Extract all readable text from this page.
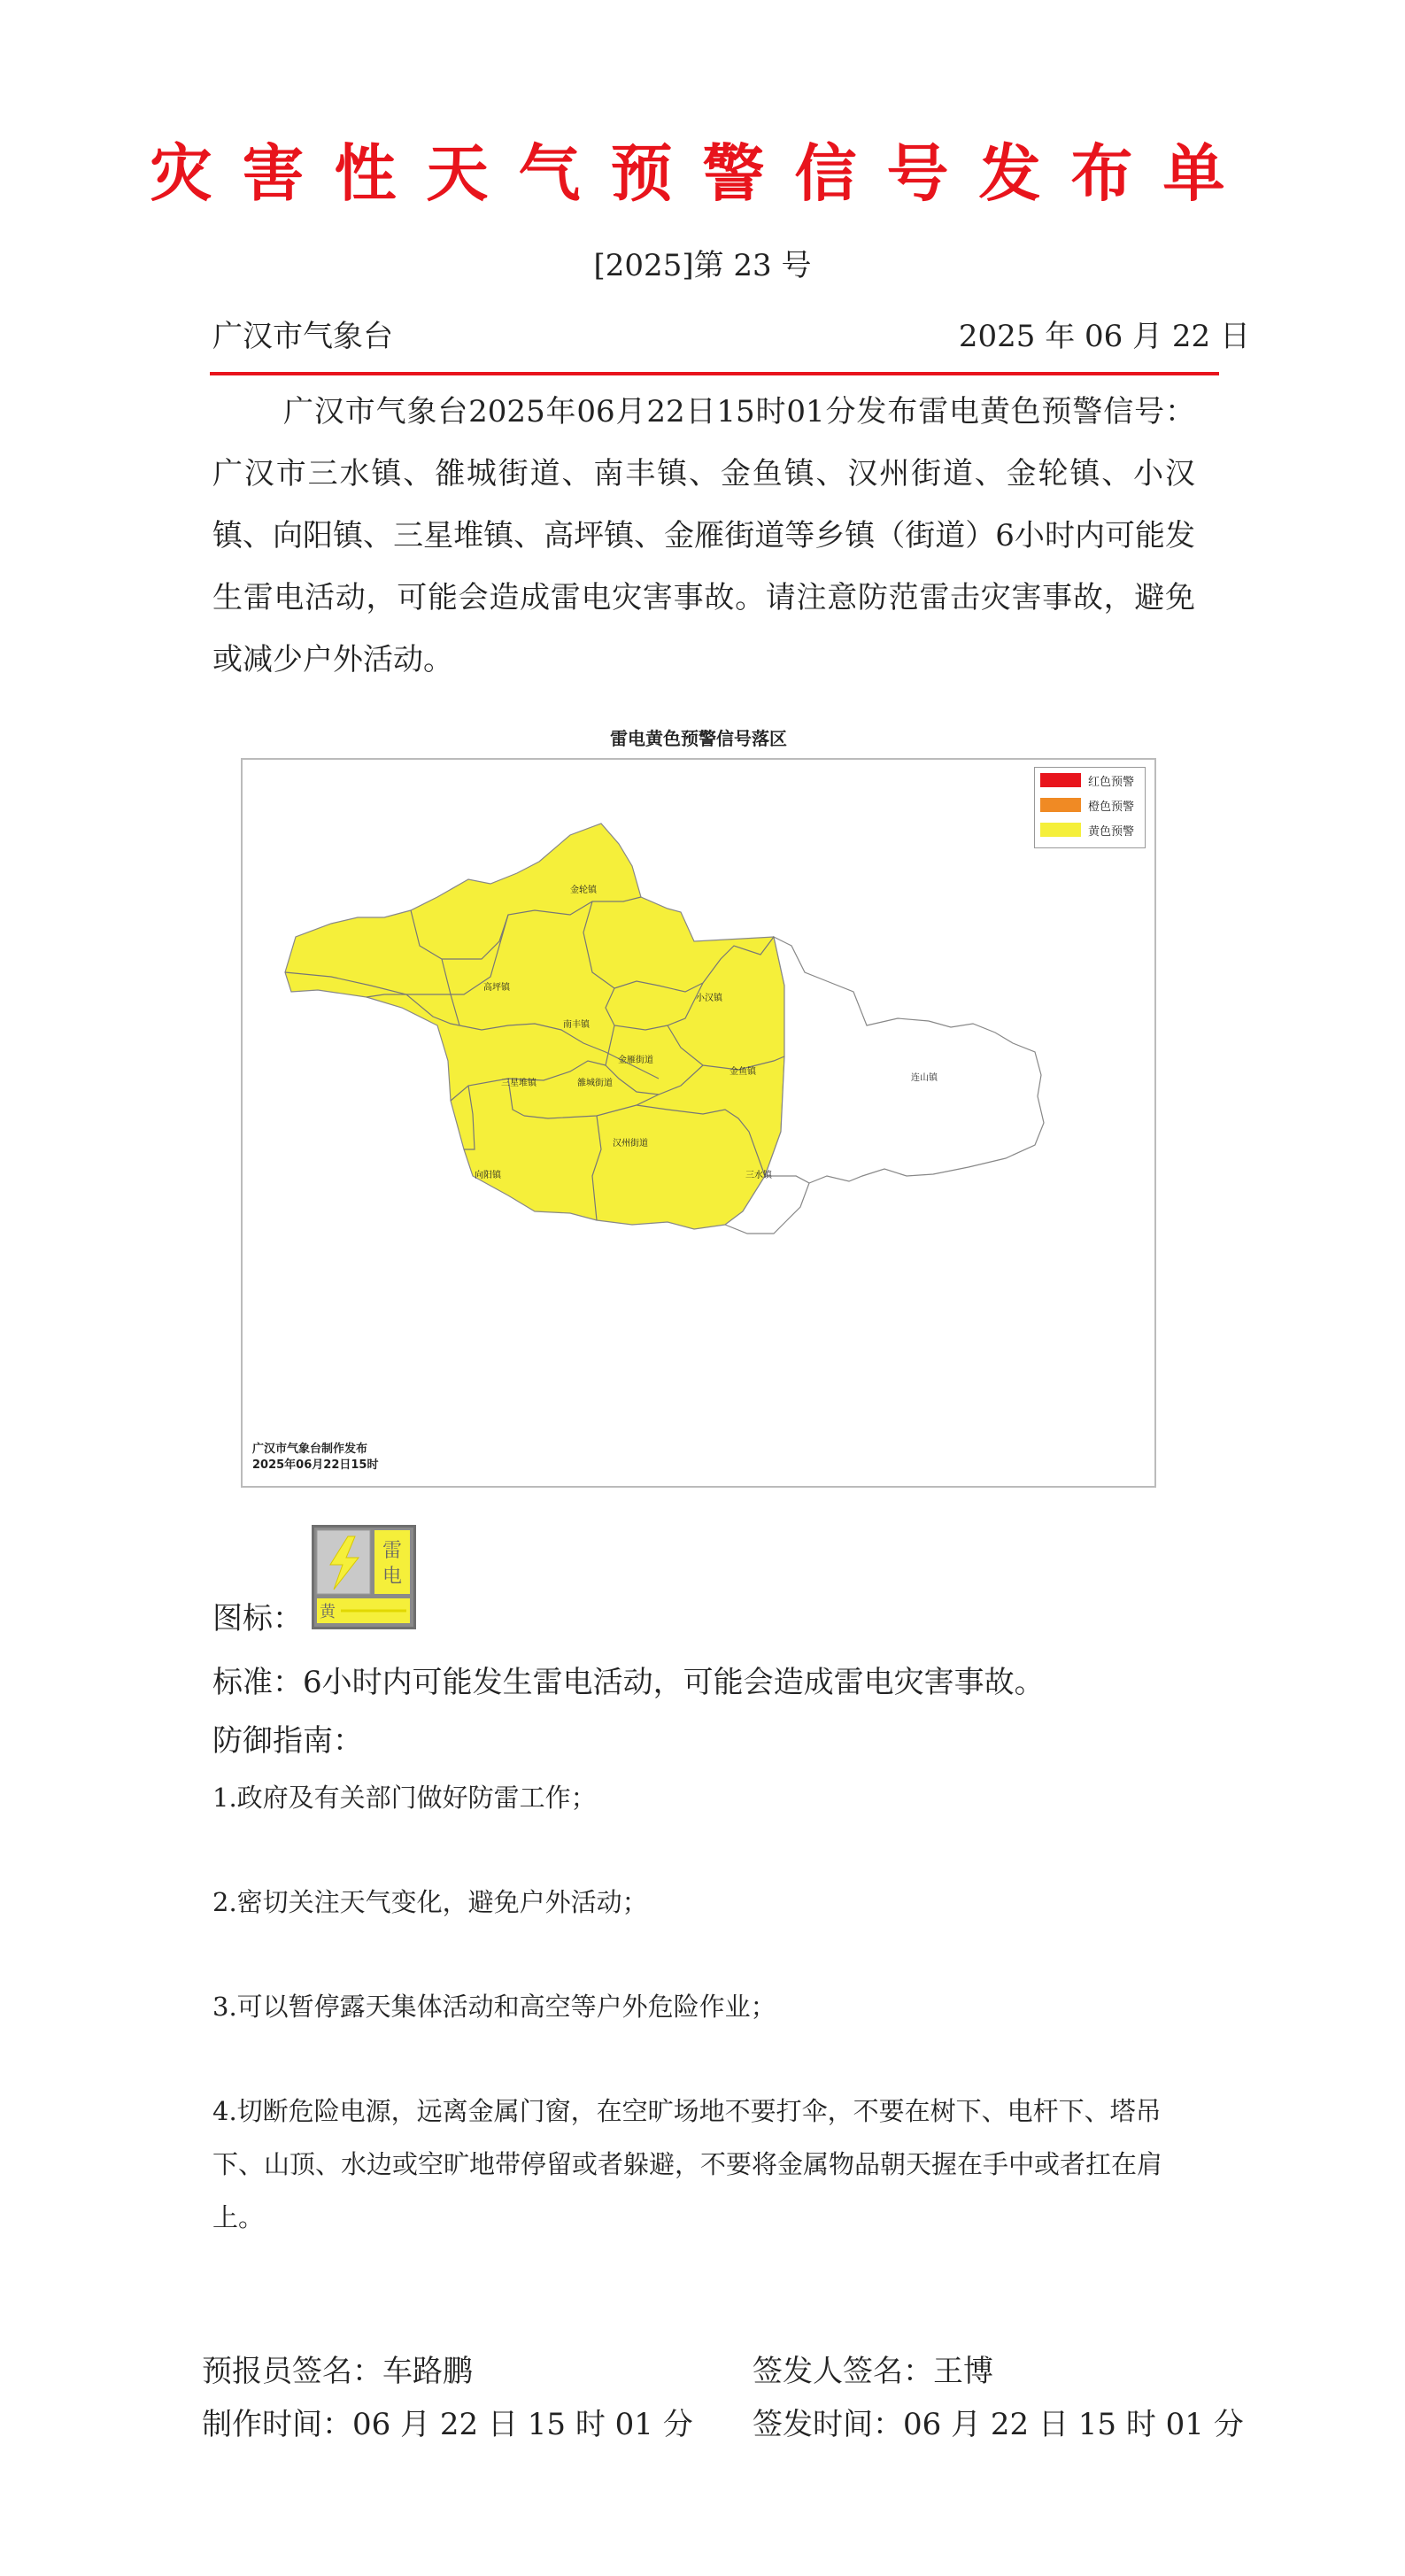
灾害性天气预警信号发布单
[2025]第 23 号
广汉市气象台	2025 年 06 月 22 日
广汉市气象台2025年06月22日15时01分发布雷电黄色预警信号：广汉市三水镇、雒城街道、南丰镇、金鱼镇、汉州街道、金轮镇、小汉镇、向阳镇、三星堆镇、高坪镇、金雁街道等乡镇（街道）6小时内可能发生雷电活动，可能会造成雷电灾害事故。请注意防范雷击灾害事故，避免或减少户外活动。
雷电黄色预警信号落区
金轮镇
高坪镇
小汉镇
南丰镇
金雁街道
三星堆镇	雒城街道
金鱼镇
连山镇
汉州街道
向阳镇	三水镇
红色预警
橙色预警
黄色预警
广汉市气象台制作发布
2025年06月22日15时
图标：
雷
电
黄
标准：6小时内可能发生雷电活动，可能会造成雷电灾害事故。
防御指南：
1.政府及有关部门做好防雷工作；
2.密切关注天气变化，避免户外活动；
3.可以暂停露天集体活动和高空等户外危险作业；
4.切断危险电源，远离金属门窗，在空旷场地不要打伞，不要在树下、电杆下、塔吊下、山顶、水边或空旷地带停留或者躲避，不要将金属物品朝天握在手中或者扛在肩上。
预报员签名：车路鹏	签发人签名：王博
制作时间：06 月 22 日 15 时 01 分 签发时间：06 月 22 日 15 时 01 分
